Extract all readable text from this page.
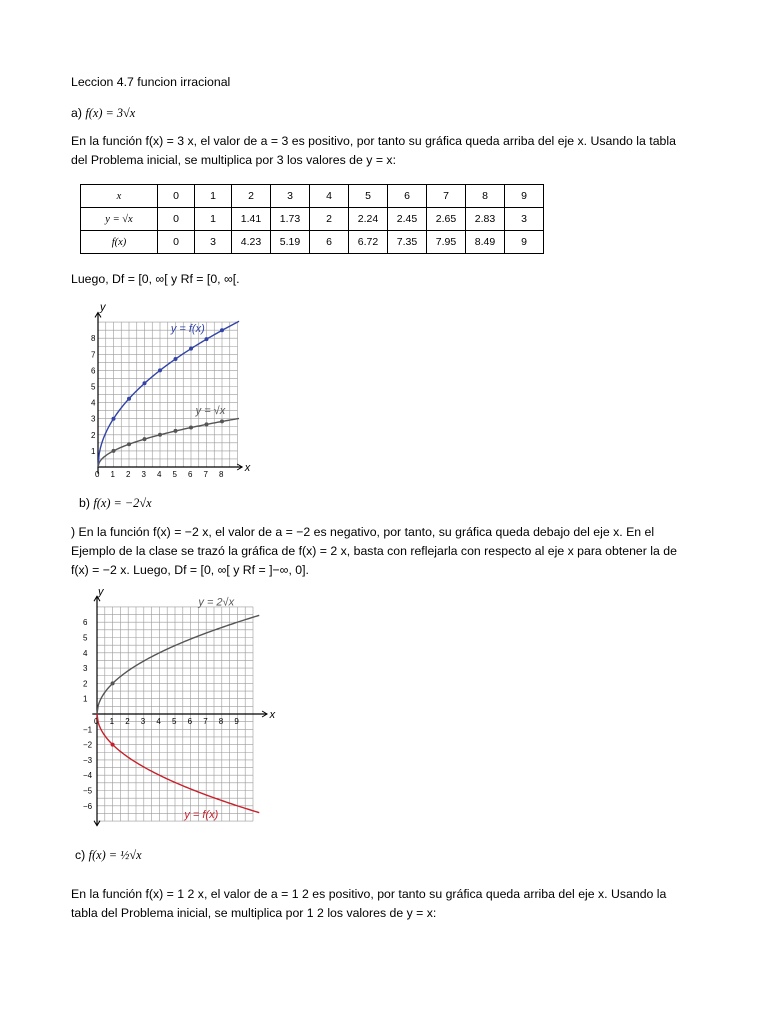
Leccion 4.7 funcion irracional
a) f(x) = 3√x
En la función f(x) = 3 x, el valor de a = 3 es positivo, por tanto su gráfica queda arriba del eje x. Usando la tabla
del Problema inicial, se multiplica por 3 los valores de y = x:
x	0	1	2	3	4	5	6	7	8	9
y = √x	0	1	1.41	1.73	2	2.24	2.45	2.65	2.83	3
f(x)	0	3	4.23	5.19	6	6.72	7.35	7.95	8.49	9
Luego, Df = [0, ∞[ y Rf = [0, ∞[.
y
x
0 1 2 3 4 5 6 7 8
1
2
3
4
5
6
7
8
y = f(x)
y = √x
b) f(x) = −2√x
) En la función f(x) = −2 x, el valor de a = −2 es negativo, por tanto, su gráfica queda debajo del eje x. En el
Ejemplo de la clase se trazó la gráfica de f(x) = 2 x, basta con reflejarla con respecto al eje x para obtener la de
f(x) = −2 x. Luego, Df = [0, ∞[ y Rf = ]−∞, 0].
y
x
0 1 2 3 4 5 6 7 8 9
6
5
4
3
2
1
−1
−2
−3
−4
−5
−6
y = 2√x
y = f(x)
c) f(x) = ½√x
En la función f(x) = 1 2 x, el valor de a = 1 2 es positivo, por tanto su gráfica queda arriba del eje x. Usando la
tabla del Problema inicial, se multiplica por 1 2 los valores de y = x:
